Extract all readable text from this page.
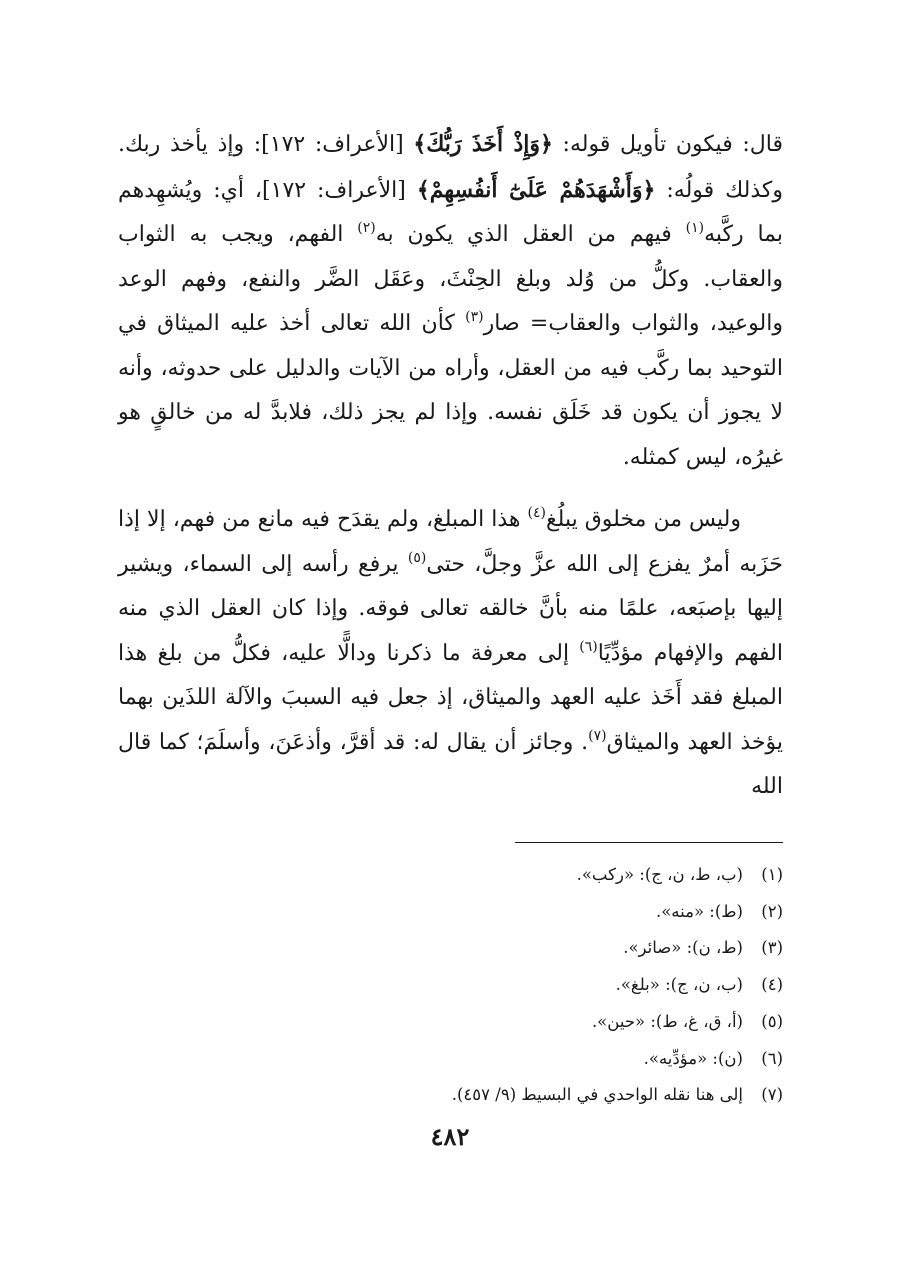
قال: فيكون تأويل قوله: ﴿وَإِذْ أَخَذَ رَبُّكَ﴾ [الأعراف: ١٧٢]: وإذ يأخذ ربك. وكذلك قولُه: ﴿وَأَشْهَدَهُمْ عَلَىٰٓ أَنفُسِهِمْ﴾ [الأعراف: ١٧٢]، أي: ويُشهِدهم بما ركَّبه$^{(١)}$ فيهم من العقل الذي يكون به$^{(٢)}$ الفهم، ويجب به الثواب والعقاب. وكلُّ من وُلد وبلغ الحِنْثَ، وعَقَل الضَّر والنفع، وفهم الوعد والوعيد، والثواب والعقاب= صار$^{(٣)}$ كأن الله تعالى أخذ عليه الميثاق في التوحيد بما ركَّب فيه من العقل، وأراه من الآيات والدليل على حدوثه، وأنه لا يجوز أن يكون قد خَلَق نفسه. وإذا لم يجز ذلك، فلابدَّ له من خالقٍ هو غيرُه، ليس كمثله.

وليس من مخلوق يبلُغ$^{(٤)}$ هذا المبلغ، ولم يقدَح فيه مانع من فهم، إلا إذا حَزَبه أمرٌ يفزع إلى الله عزَّ وجلَّ، حتى$^{(٥)}$ يرفع رأسه إلى السماء، ويشير إليها بإصبَعه، علمًا منه بأنَّ خالقه تعالى فوقه. وإذا كان العقل الذي منه الفهم والإفهام مؤدِّيًا$^{(٦)}$ إلى معرفة ما ذكرنا ودالًّا عليه، فكلُّ من بلغ هذا المبلغ فقد أَخَذ عليه العهد والميثاق، إذ جعل فيه السببَ والآلة اللذَين بهما يؤخذ العهد والميثاق$^{(٧)}$. وجائز أن يقال له: قد أقرَّ، وأذعَنَ، وأسلَمَ؛ كما قال الله

(١)(ب، ط، ن، ج): «ركب».
(٢)(ط): «منه».
(٣)(ط، ن): «صائر».
(٤)(ب، ن، ج): «بلغ».
(٥)(أ، ق، غ، ط): «حين».
(٦)(ن): «مؤدِّيه».
(٧)إلى هنا نقله الواحدي في البسيط (٩/ ٤٥٧).
٤٨٢
